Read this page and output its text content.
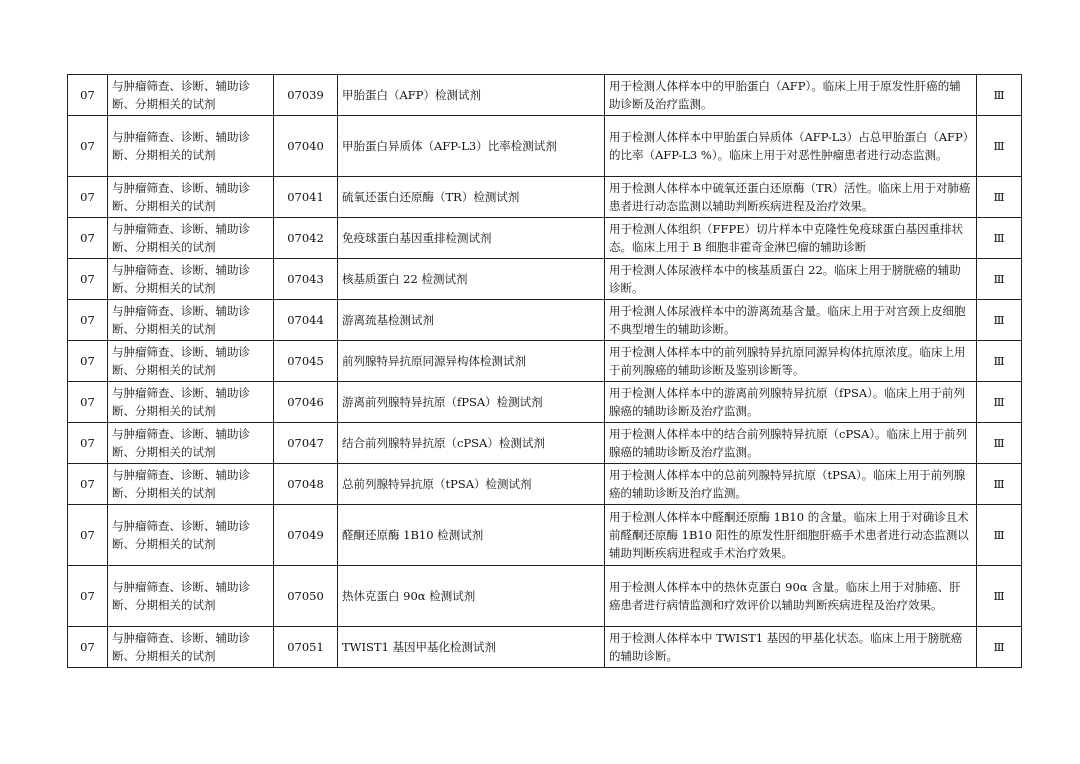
07	与肿瘤筛查、诊断、辅助诊断、分期相关的试剂	07039	甲胎蛋白（AFP）检测试剂	用于检测人体样本中的甲胎蛋白（AFP）。临床上用于原发性肝癌的辅助诊断及治疗监测。	Ⅲ
07	与肿瘤筛查、诊断、辅助诊断、分期相关的试剂	07040	甲胎蛋白异质体（AFP-L3）比率检测试剂	用于检测人体样本中甲胎蛋白异质体（AFP-L3）占总甲胎蛋白（AFP）的比率（AFP-L3 %）。临床上用于对恶性肿瘤患者进行动态监测。	Ⅲ
07	与肿瘤筛查、诊断、辅助诊断、分期相关的试剂	07041	硫氧还蛋白还原酶（TR）检测试剂	用于检测人体样本中硫氧还蛋白还原酶（TR）活性。临床上用于对肺癌患者进行动态监测以辅助判断疾病进程及治疗效果。	Ⅲ
07	与肿瘤筛查、诊断、辅助诊断、分期相关的试剂	07042	免疫球蛋白基因重排检测试剂	用于检测人体组织（FFPE）切片样本中克隆性免疫球蛋白基因重排状态。临床上用于 B 细胞非霍奇金淋巴瘤的辅助诊断	Ⅲ
07	与肿瘤筛查、诊断、辅助诊断、分期相关的试剂	07043	核基质蛋白 22 检测试剂	用于检测人体尿液样本中的核基质蛋白 22。临床上用于膀胱癌的辅助诊断。	Ⅲ
07	与肿瘤筛查、诊断、辅助诊断、分期相关的试剂	07044	游离巯基检测试剂	用于检测人体尿液样本中的游离巯基含量。临床上用于对宫颈上皮细胞不典型增生的辅助诊断。	Ⅲ
07	与肿瘤筛查、诊断、辅助诊断、分期相关的试剂	07045	前列腺特异抗原同源异构体检测试剂	用于检测人体样本中的前列腺特异抗原同源异构体抗原浓度。临床上用于前列腺癌的辅助诊断及鉴别诊断等。	Ⅲ
07	与肿瘤筛查、诊断、辅助诊断、分期相关的试剂	07046	游离前列腺特异抗原（fPSA）检测试剂	用于检测人体样本中的游离前列腺特异抗原（fPSA）。临床上用于前列腺癌的辅助诊断及治疗监测。	Ⅲ
07	与肿瘤筛查、诊断、辅助诊断、分期相关的试剂	07047	结合前列腺特异抗原（cPSA）检测试剂	用于检测人体样本中的结合前列腺特异抗原（cPSA）。临床上用于前列腺癌的辅助诊断及治疗监测。	Ⅲ
07	与肿瘤筛查、诊断、辅助诊断、分期相关的试剂	07048	总前列腺特异抗原（tPSA）检测试剂	用于检测人体样本中的总前列腺特异抗原（tPSA）。临床上用于前列腺癌的辅助诊断及治疗监测。	Ⅲ
07	与肿瘤筛查、诊断、辅助诊断、分期相关的试剂	07049	醛酮还原酶 1B10 检测试剂	用于检测人体样本中醛酮还原酶 1B10 的含量。临床上用于对确诊且术前醛酮还原酶 1B10 阳性的原发性肝细胞肝癌手术患者进行动态监测以辅助判断疾病进程或手术治疗效果。	Ⅲ
07	与肿瘤筛查、诊断、辅助诊断、分期相关的试剂	07050	热休克蛋白 90α 检测试剂	用于检测人体样本中的热休克蛋白 90α 含量。临床上用于对肺癌、肝癌患者进行病情监测和疗效评价以辅助判断疾病进程及治疗效果。	Ⅲ
07	与肿瘤筛查、诊断、辅助诊断、分期相关的试剂	07051	TWIST1 基因甲基化检测试剂	用于检测人体样本中 TWIST1 基因的甲基化状态。临床上用于膀胱癌的辅助诊断。	Ⅲ
